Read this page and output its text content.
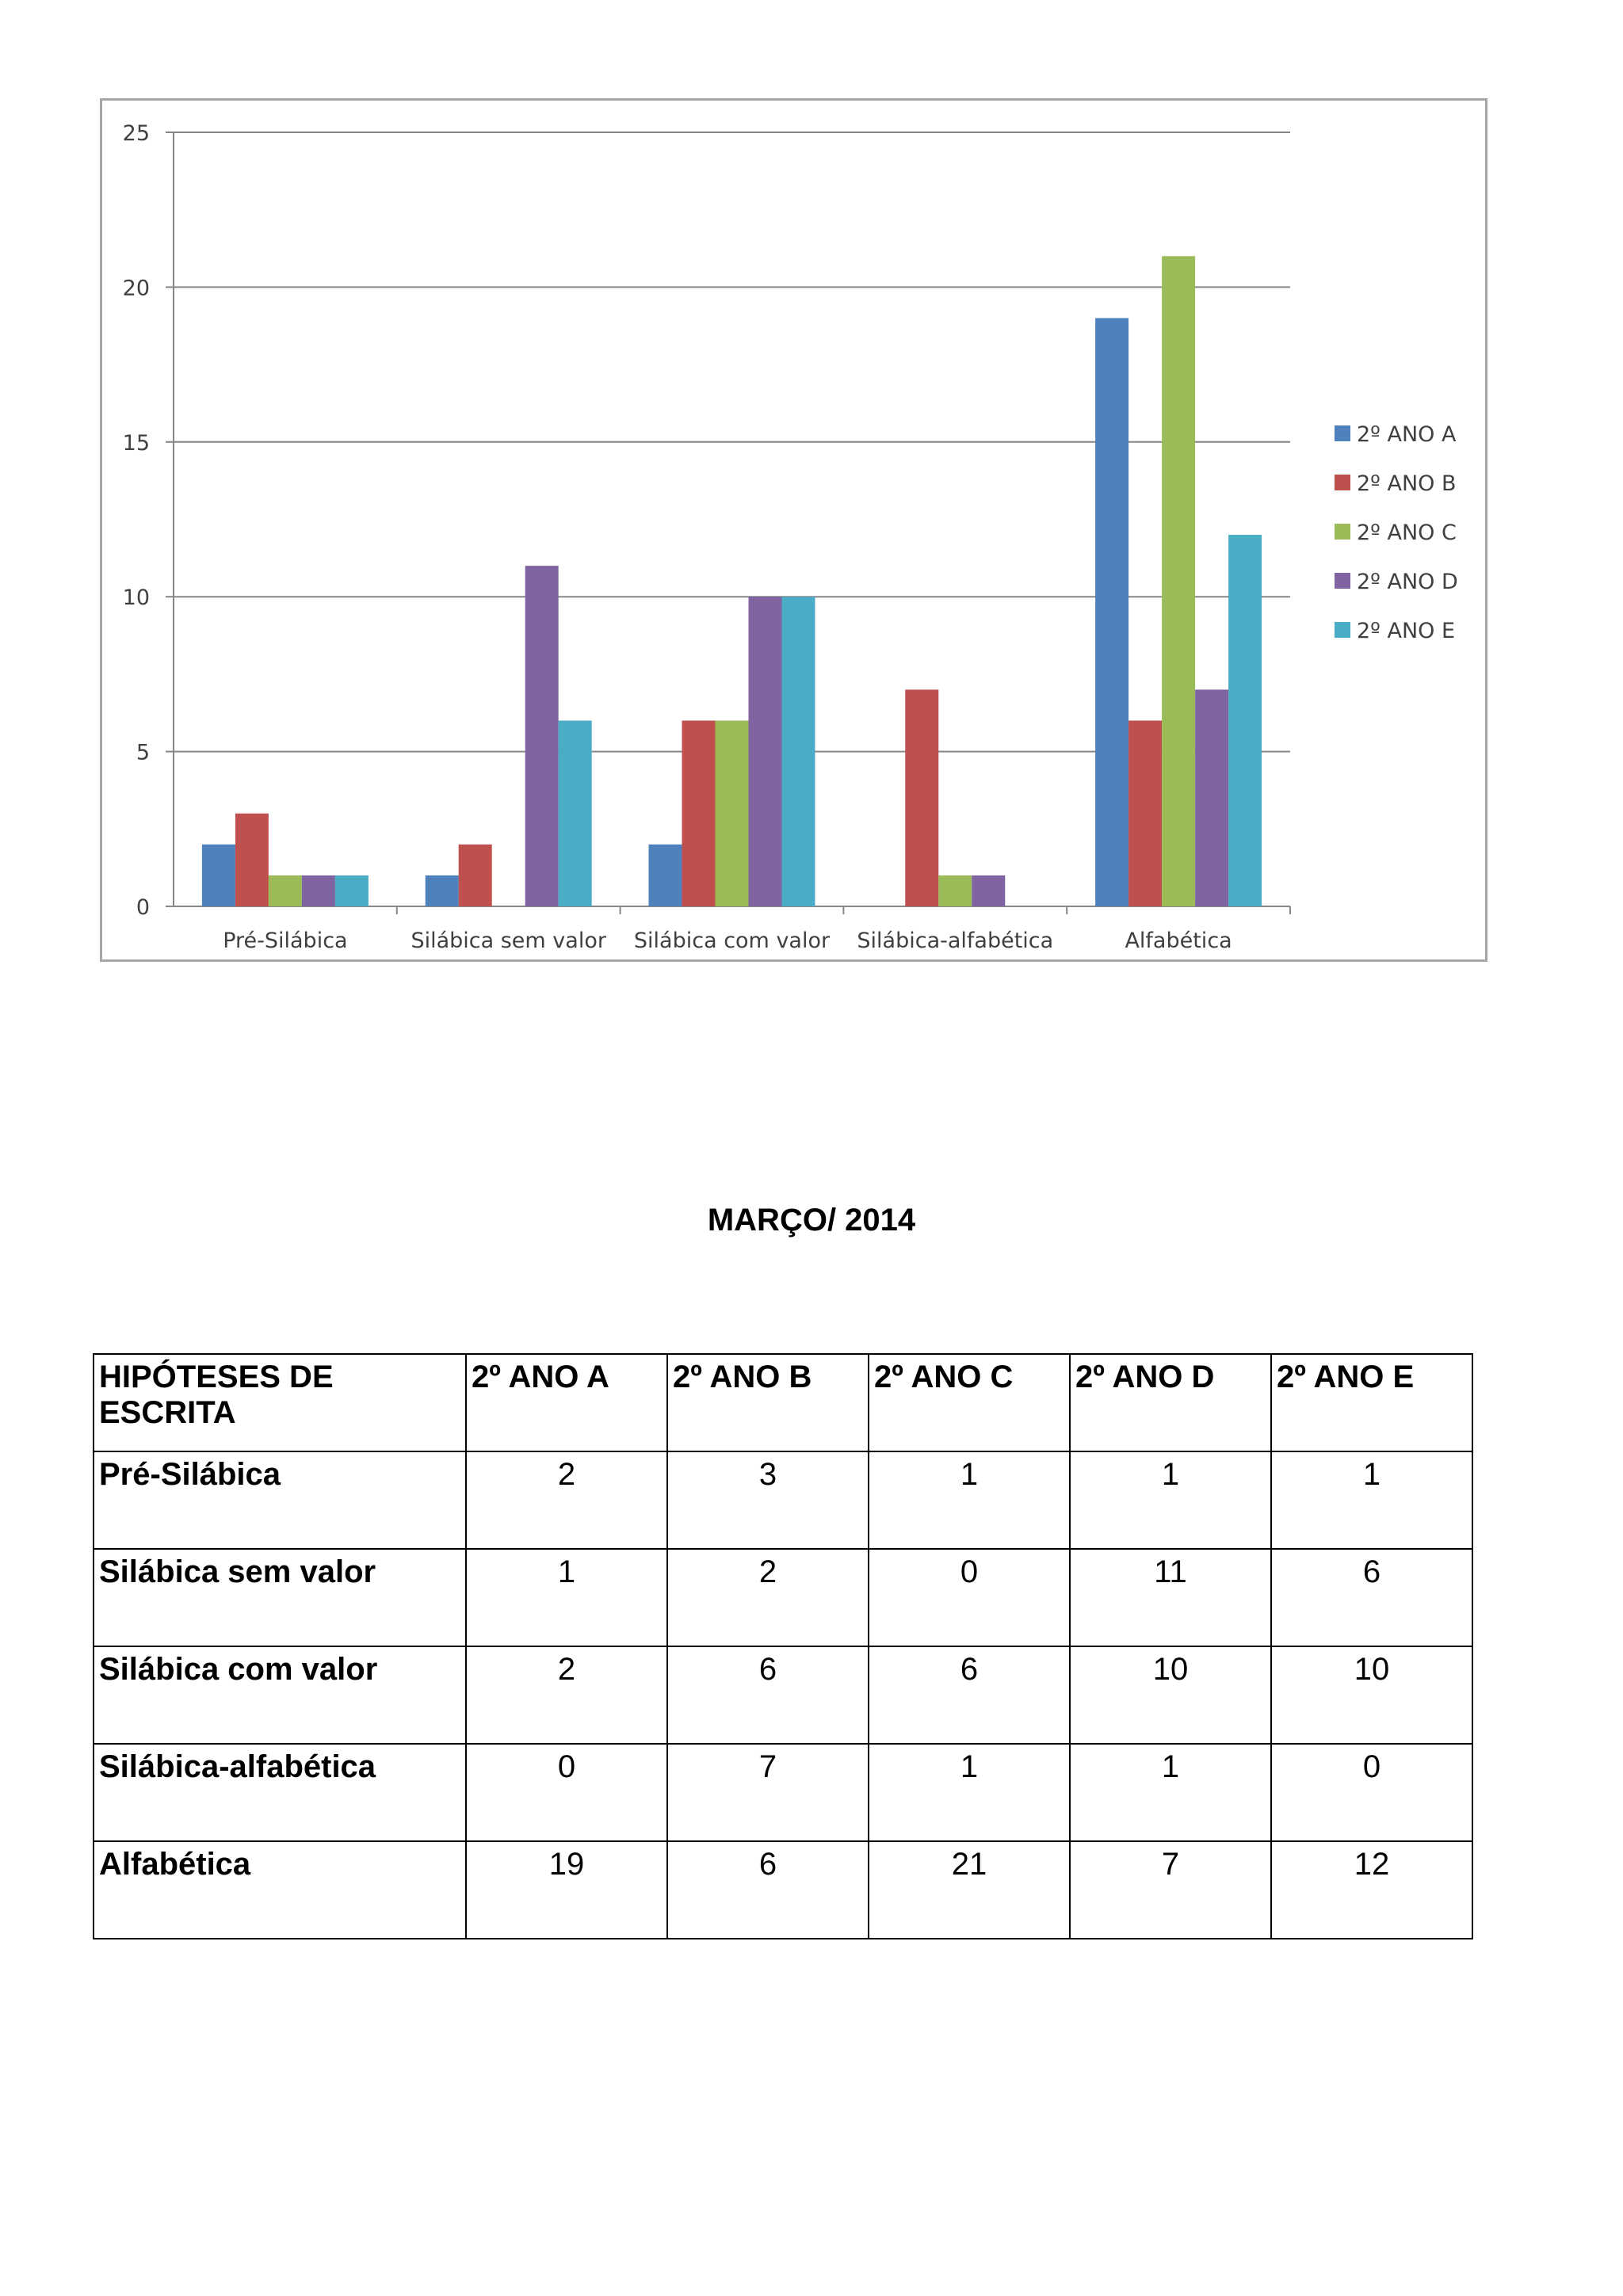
0
5
10
15
20
25
Pré-Silábica	Silábica sem valor Silábica com valor Silábica-alfabética	Alfabética
2º ANO A
2º ANO B
2º ANO C
2º ANO D
2º ANO E
MARÇO/ 2014
HIPÓTESES DE ESCRITA	2º ANO A	2º ANO B	2º ANO C	2º ANO D	2º ANO E
Pré-Silábica	2	3	1	1	1
Silábica sem valor	1	2	0	11	6
Silábica com valor	2	6	6	10	10
Silábica-alfabética	0	7	1	1	0
Alfabética	19	6	21	7	12
